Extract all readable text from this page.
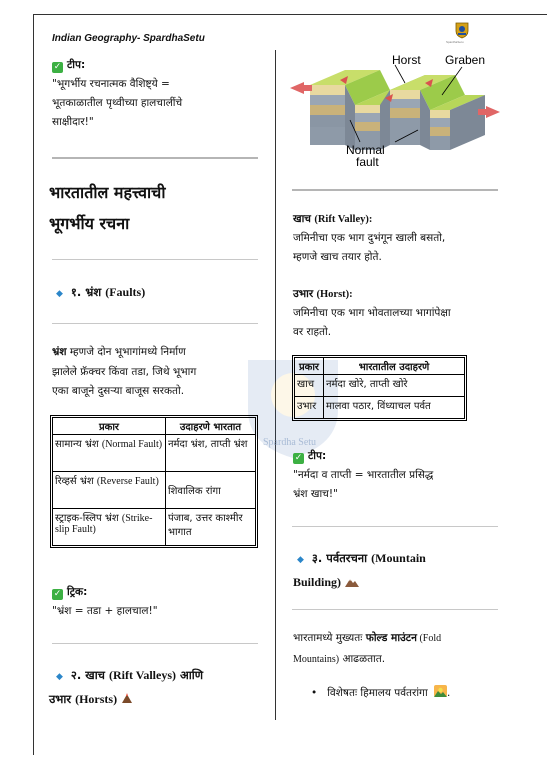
Indian Geography- SpardhaSetu	SpardhaSetu
Spardha Setu
✓ टीप:
"भूगर्भीय रचनात्मक वैशिष्ट्ये =
भूतकाळातील पृथ्वीच्या हालचालींचे
साक्षीदार!"
भारतातील महत्त्वाची
भूगर्भीय रचना
◆ १. भ्रंश (Faults)
भ्रंश म्हणजे दोन भूभागांमध्ये निर्माण
झालेले फ्रॅक्चर किंवा तडा, जिथे भूभाग
एका बाजूने दुसऱ्या बाजूस सरकतो.
प्रकार	उदाहरणे भारतात
सामान्य भ्रंश (Normal Fault)	नर्मदा भ्रंश, ताप्ती भ्रंश
रिव्हर्स भ्रंश (Reverse Fault)	शिवालिक रांगा
स्ट्राइक-स्लिप भ्रंश (Strike-slip Fault)	पंजाब, उत्तर काश्मीर भागात
✓ ट्रिक:
"भ्रंश = तडा + हालचाल!"
◆ २. खाच (Rift Valleys) आणि
उभार (Horsts)
Horst Graben
Normal
fault
खाच (Rift Valley):
जमिनीचा एक भाग दुभंगून खाली बसतो,
म्हणजे खाच तयार होते.
उभार (Horst):
जमिनीचा एक भाग भोवतालच्या भागांपेक्षा
वर राहतो.
प्रकार	भारतातील उदाहरणे
खाच	नर्मदा खोरे, ताप्ती खोरे
उभार	मालवा पठार, विंध्याचल पर्वत
✓ टीप:
"नर्मदा व ताप्ती = भारतातील प्रसिद्ध
भ्रंश खाच!"
◆ ३. पर्वतरचना (Mountain
Building)
भारतामध्ये मुख्यतः फोल्ड माउंटन (Fold
Mountains) आढळतात.
• विशेषतः हिमालय पर्वतरांगा .
